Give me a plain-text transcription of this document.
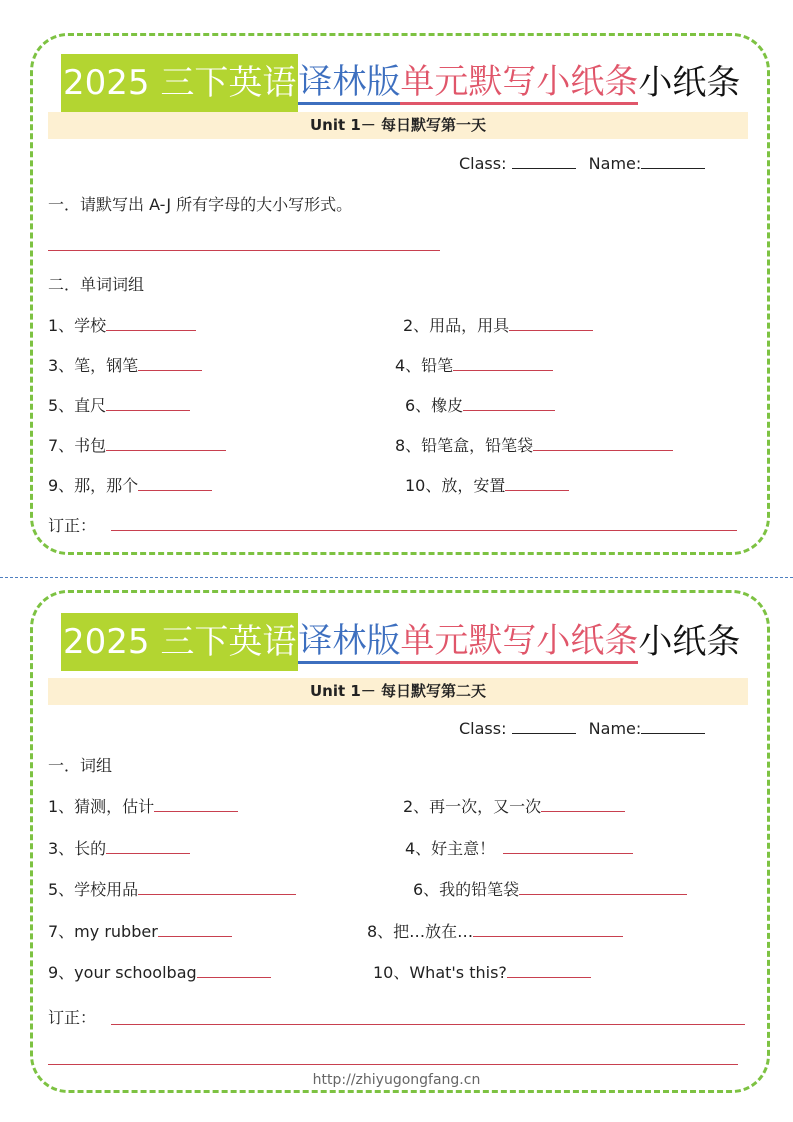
2025 三下英语 译林版 单元默写小纸条 小纸条
Unit 1－ 每日默写第一天
Class:	Name:
一．请默写出 A-J 所有字母的大小写形式。
二．单词词组
1、学校	2、用品，用具
3、笔，钢笔	4、铅笔
5、直尺	6、橡皮
7、书包	8、铅笔盒，铅笔袋
9、那，那个	10、放，安置
订正：
2025 三下英语 译林版 单元默写小纸条 小纸条
Unit 1－ 每日默写第二天
Class:	Name:
一．词组
1、猜测，估计	2、再一次，又一次
3、长的	4、好主意！
5、学校用品	6、我的铅笔袋
7、my rubber	8、把…放在…
9、your schoolbag	10、What's this?
订正：
http://zhiyugongfang.cn
